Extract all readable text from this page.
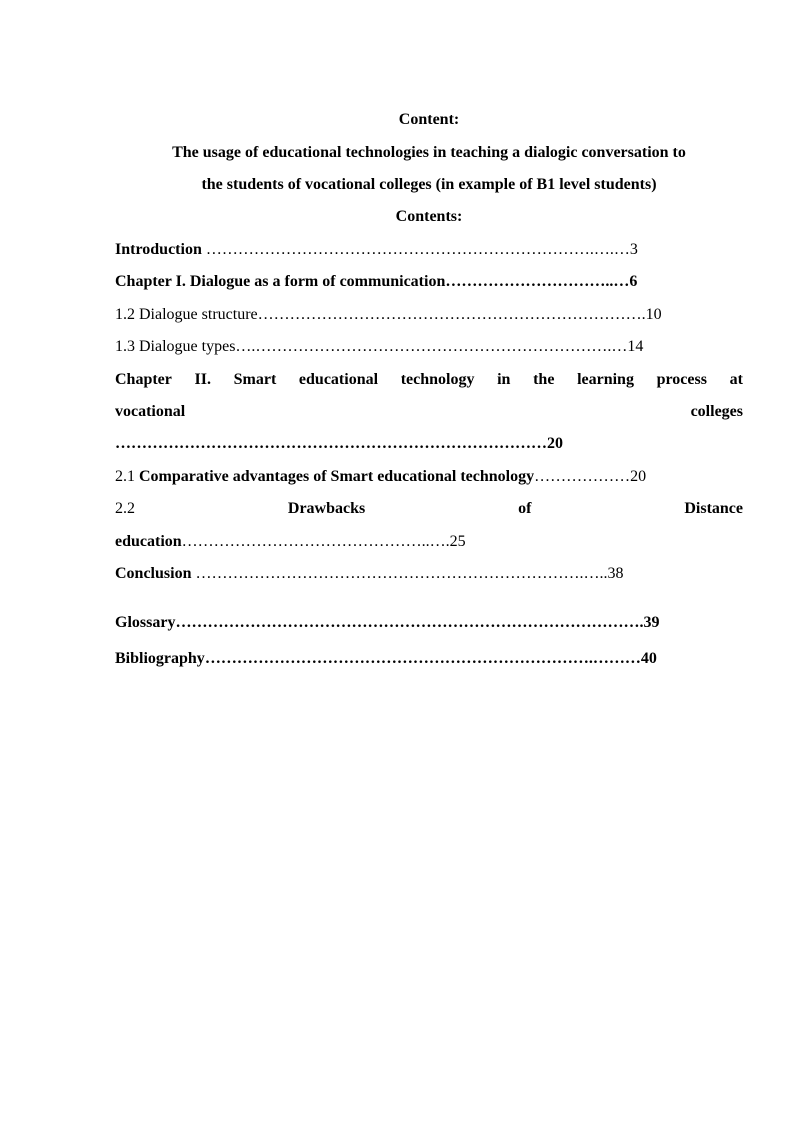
Content:
The usage of educational technologies in teaching a dialogic conversation to
the students of vocational colleges (in example of B1 level students)
Contents:
Introduction ……………………………………………………………….….…3
Chapter I. Dialogue as a form of communication…………………………..…6
1.2 Dialogue structure……………………………………………………………….10
1.3 Dialogue types….………………………………………………………….…14
Chapter II. Smart educational technology in the learning process at
vocational	colleges
………………………………………………………………………20
2.1 Comparative advantages of Smart educational technology………………20
2.2	Drawbacks	of	Distance
education………………………………………..….25
Conclusion ……………………………………………………………….…..38
Glossary…………………………………………………………………………….39
Bibliography……………………………………………………………….………40
